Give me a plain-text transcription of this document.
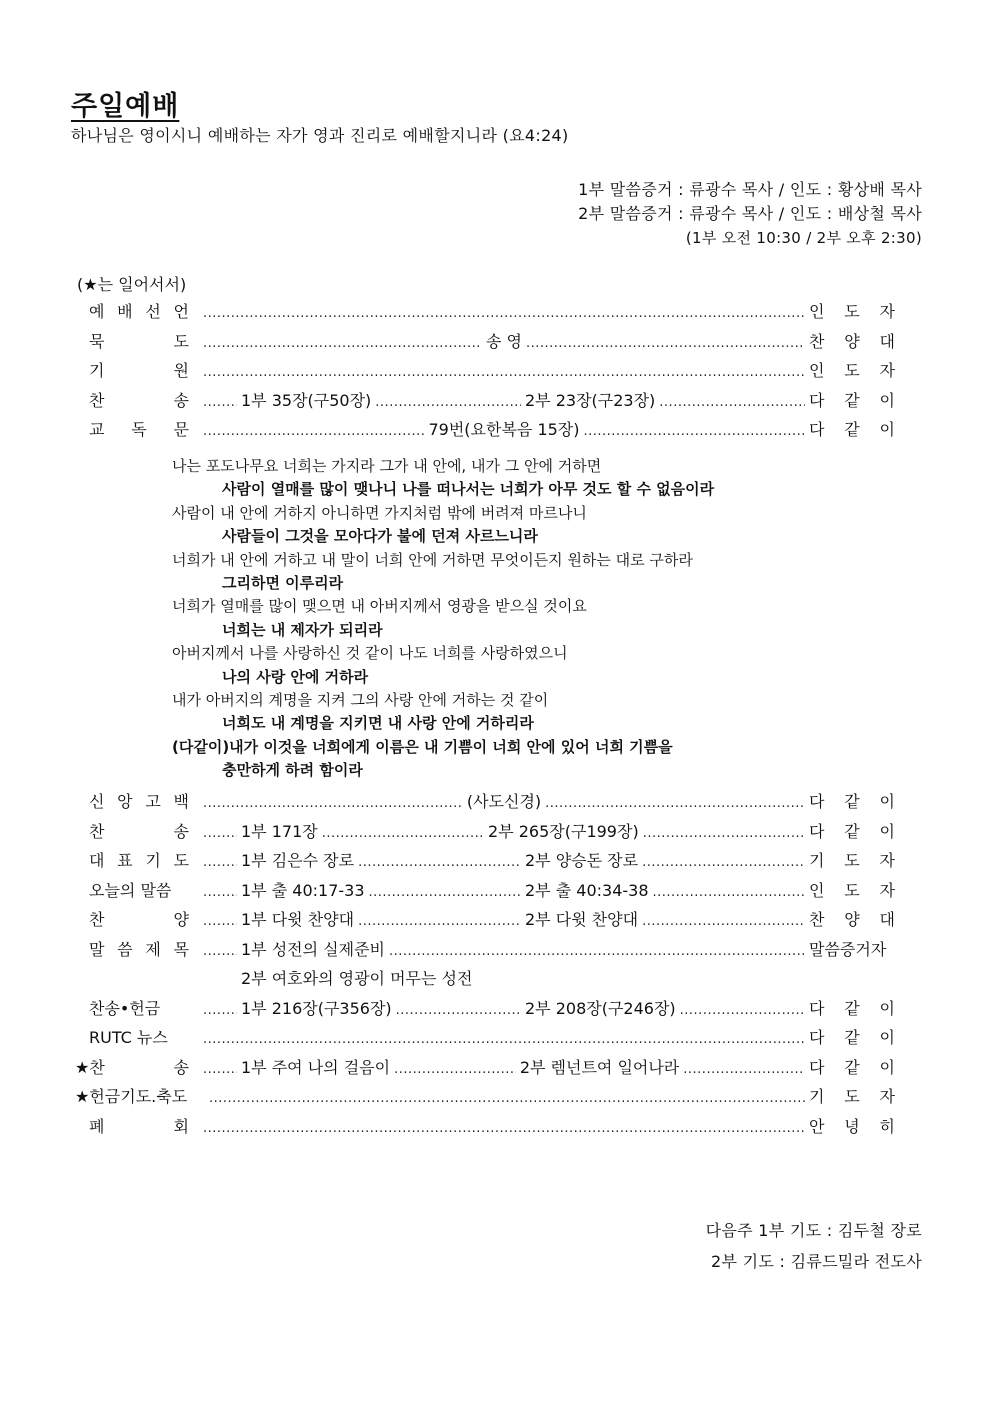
주일예배
하나님은 영이시니 예배하는 자가 영과 진리로 예배할지니라 (요4:24)
1부 말씀증거 : 류광수 목사 / 인도 : 황상배 목사
2부 말씀증거 : 류광수 목사 / 인도 : 배상철 목사
(1부 오전 10:30 / 2부 오후 2:30)
(★는 일어서서)
예 배 선 언 .....	인 도 자
묵	도 .....	송 영 .....	찬 양 대
기	원 .....	인 도 자
찬	송 .....	1부 35장(구50장) .....	2부 23장(구23장) .....	다 같 이
교 독 문 .....	79번(요한복음 15장) .....	다 같 이
나는 포도나무요 너희는 가지라 그가 내 안에, 내가 그 안에 거하면
사람이 열매를 많이 맺나니 나를 떠나서는 너희가 아무 것도 할 수 없음이라
사람이 내 안에 거하지 아니하면 가지처럼 밖에 버려져 마르나니
사람들이 그것을 모아다가 불에 던져 사르느니라
너희가 내 안에 거하고 내 말이 너희 안에 거하면 무엇이든지 원하는 대로 구하라
그리하면 이루리라
너희가 열매를 많이 맺으면 내 아버지께서 영광을 받으실 것이요
너희는 내 제자가 되리라
아버지께서 나를 사랑하신 것 같이 나도 너희를 사랑하였으니
나의 사랑 안에 거하라
내가 아버지의 계명을 지켜 그의 사랑 안에 거하는 것 같이
너희도 내 계명을 지키면 내 사랑 안에 거하리라
(다같이)내가 이것을 너희에게 이름은 내 기쁨이 너희 안에 있어 너희 기쁨을
충만하게 하려 함이라
신 앙 고 백 .....	(사도신경) .....	다 같 이
찬	송 .....	1부 171장 .....	2부 265장(구199장) .....	다 같 이
대 표 기 도 .....	1부 김은수 장로 .....	2부 양승돈 장로 .....	기 도 자
오늘의 말씀 .....	1부 출 40:17-33 .....	2부 출 40:34-38 .....	인 도 자
찬	양 .....	1부 다윗 찬양대 .....	2부 다윗 찬양대 .....	찬 양 대
말 씀 제 목 .....	1부 성전의 실제준비 .....	말씀증거자
2부 여호와의 영광이 머무는 성전
찬송•헌금 .....	1부 216장(구356장) .....	2부 208장(구246장) .....	다 같 이
RUTC 뉴스 .....	다 같 이
★찬	송 .....	1부 주여 나의 걸음이 .....	2부 렘넌트여 일어나라 .....	다 같 이
★헌금기도.축도 .....	기 도 자
폐	회 .....	안 녕 히
다음주 1부 기도 : 김두철 장로
2부 기도 : 김류드밀라 전도사
